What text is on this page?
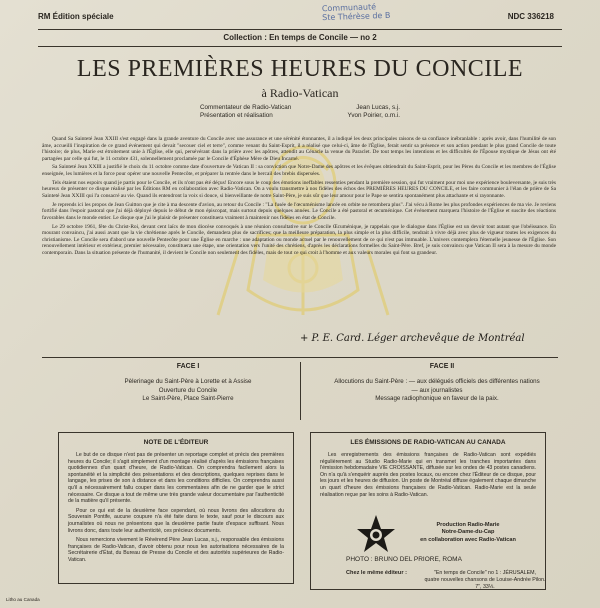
Communauté
Ste Thérèse de B
RM Édition spéciale	NDC 336218
Collection : En temps de Concile — no 2
LES PREMIÈRES HEURES DU CONCILE
à Radio-Vatican
Commentateur de Radio-Vatican	Jean Lucas, s.j.
Présentation et réalisation	Yvon Poirier, o.m.i.

Quand Sa Sainteté Jean XXIII s'est engagé dans la grande aventure du Concile avec une assurance et une sérénité étonnantes, il a indiqué les deux principales raisons de sa confiance inébranlable : après avoir, dans l'humilité de son âme, accueilli l'inspiration de ce grand événement qui devait "secouer ciel et terre", comme venant du Saint-Esprit, il a réalisé que celui-ci, âme de l'Église, ferait sentir sa présence et son action pendant le plus grand Concile de toute l'histoire; de plus, Marie est étroitement unie à l'Église, elle qui, persévérant dans la prière avec les apôtres, attendit au Cénacle la venue du Paraclet. De tout temps les intentions et les difficultés de l'Épouse mystique de Jésus ont été partagées par celle qui fut, le 11 octobre 431, solennellement proclamée par le Concile d'Éphèse Mère de Dieu Incarné.

Sa Sainteté Jean XXIII a justifié le choix du 11 octobre comme date d'ouverture de Vatican II : sa conviction que Notre-Dame des apôtres et les évêques obtiendrait du Saint-Esprit, pour les Pères du Concile et les membres de l'Église enseignée, les lumières et la force pour opérer une nouvelle Pentecôte, et préparer la rentrée dans le bercail des brebis dispersées.

Tels étaient nos espoirs quand je partis pour le Concile, et ils n'ont pas été déçus! Encore sous le coup des émotions ineffables ressenties pendant la première session, qui fut vraiment pour moi une expérience bouleversante, je suis très heureux de présenter ce disque réalisé par les Éditions RM en collaboration avec Radio-Vatican. On a voulu transmettre à nos fidèles des échos des PREMIÈRES HEURES DU CONCILE, et les faire communier à l'élan de prière de Sa Sainteté Jean XXIII qui l'a consacré au vie. Quand ils entendront la voix si douce, si bienveillante de notre Saint-Père, je suis sûr que leur amour pour le Pape se sentira spontanément plus attachante et si rayonnante.

Je reprends ici les propos de Jean Guitton que je cite à ma descente d'avion, au retour du Concile : "La fusée de l'œcuménisme lancée en orbite ne retombera plus". J'ai vécu à Rome les plus profondes expériences de ma vie. Je reviens fortifié dans l'espoir pastoral que j'ai déjà déployé depuis le début de mon épiscopat, mais surtout depuis quelques années. Le Concile a été pastoral et œcuménique. Cet événement marquera l'histoire de l'Église et suscite des réactions favorables dans le monde entier. Le disque que j'ai le plaisir de présenter constituera vraiment à maintenir nos fidèles en état de Concile.

Le 29 octobre 1961, fête du Christ-Roi, devant cent laïcs de mon diocèse convoqués à une réunion consultative sur le Concile Œcuménique, je rappelais que le dialogue dans l'Église est un devoir tout autant que l'obéissance. En mourant convaincu, j'ai aussi avant que la vie chrétienne après le Concile, demandera plus de sacrifices; que la meilleure préparation, la plus simple et la plus difficile, tendrait à vivre déjà avec plus de vigueur toutes les exigences du christianisme. Le Concile sera d'abord une nouvelle Pentecôte pour une Église en marche : une adaptation ou monde actuel par le renouvellement de ce qui n'est pas immuable. L'univers contemplera l'éternelle jeunesse de l'Église. Son renouvellement intérieur et extérieur, premier nécessaire, constituera une étape, une orientation vers l'unité des chrétiens, d'après les déclarations formelles du Saint-Père. Bref, je suis convaincu que Vatican II sera à la mesure du monde contemporain. Dans la situation présente de l'humanité, il devient le Concile non seulement des fidèles, mais de tout ce qui croit à l'homme et aux valeurs morales qui font sa grandeur.

+ P. E. Card. Léger archevêque de Montréal
FACE I
Pèlerinage du Saint-Père à Lorette et à Assise
Ouverture du Concile
Le Saint-Père, Place Saint-Pierre
FACE II
Allocutions du Saint-Père : — aux délégués officiels des différentes nations
— aux journalistes
Message radiophonique en faveur de la paix.
NOTE DE L'ÉDITEUR

Le but de ce disque n'est pas de présenter un reportage complet et précis des premières heures du Concile; il s'agit simplement d'un montage réalisé d'après les émissions françaises quotidiennes d'un quart d'heure, de Radio-Vatican. On comprendra facilement alors la spontanéité et la simplicité des présentations et des descriptions, quelques reprises dans le langage, les prises de son à distance et dans les conditions difficiles. On comprendra aussi qu'il a nécessairement fallu couper dans les commentaires afin de ne garder que le strict nécessaire. Ce disque a tout de même une très grande valeur documentaire par l'authenticité de la matière qu'il présente.

Pour ce qui est de la deuxième face cependant, où nous livrons des allocutions du Souverain Pontife, aucune coupure n'a été faite dans le texte, sauf pour le discours aux journalistes où nous ne présentons que la deuxième partie faute d'espace suffisant. Nous livrons donc, dans toute leur authenticité, ces précieux documents.

Nous remercions vivement le Révérend Père Jean Lucas, s.j., responsable des émissions françaises de Radio-Vatican, d'avoir obtenu pour nous les autorisations nécessaires de la Secrétairerie d'État, du Bureau de Presse du Concile et des autorités supérieures de Radio-Vatican.

LES ÉMISSIONS DE RADIO-VATICAN AU CANADA

Les enregistrements des émissions françaises de Radio-Vatican sont expédiés régulièrement au Studio Radio-Marie qui en transmet les tranches importantes dans l'émission hebdomadaire VIE CROISSANTE, diffusée sur les ondes de 43 postes canadiens. On n'a qu'à s'enquérir auprès des postes locaux, ou encore chez l'Éditeur de ce disque, pour les jours et les heures de diffusion. Un poste de Montréal diffuse également chaque dimanche un quart d'heure des émissions françaises de Radio-Vatican. Radio-Marie est la seule réalisation reçue par les soins à Radio-Vatican.

Production Radio-Marie
Notre-Dame-du-Cap
en collaboration avec Radio-Vatican
PHOTO : BRUNO DEL PRIORE, ROMA
Chez le même éditeur :	"En temps de Concile" no 1 : JÉRUSALEM,
quatre nouvelles chansons de Louise-Andrée Pilon.
7", 33⅓.
Litho au Canada
